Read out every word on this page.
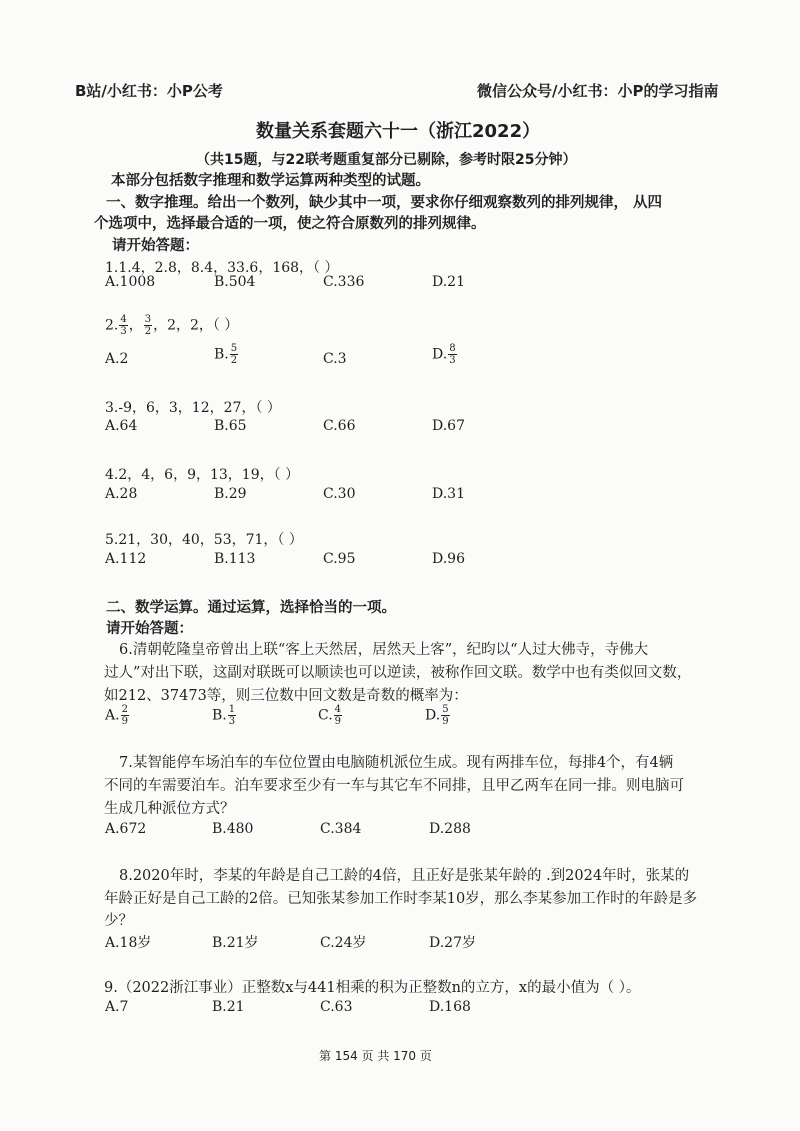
B站/小红书：小P公考	微信公众号/小红书：小P的学习指南
数量关系套题六十一（浙江2022）
（共15题，与22联考题重复部分已剔除，参考时限25分钟）
本部分包括数字推理和数学运算两种类型的试题。
一、数字推理。给出一个数列，缺少其中一项，要求你仔细观察数列的排列规律， 从四
个选项中，选择最合适的一项，使之符合原数列的排列规律。
请开始答题：
1.1.4，2.8，8.4，33.6，168，（ ）
A.1008	B.504	C.336	D.21
2. $\frac{4}{3}$ ， $\frac{3}{2}$ ，2，2，（ ）
A.2	B. $\frac{5}{2}$	C.3	D. $\frac{8}{3}$
3.-9，6，3，12，27，（ ）
A.64	B.65	C.66	D.67
4.2，4，6，9，13，19，（ ）
A.28	B.29	C.30	D.31
5.21，30，40，53，71，（ ）
A.112	B.113	C.95	D.96
二、数学运算。通过运算，选择恰当的一项。
请开始答题：
6.清朝乾隆皇帝曾出上联“客上天然居，居然天上客”，纪昀以“人过大佛寺，寺佛大
过人”对出下联，这副对联既可以顺读也可以逆读，被称作回文联。数学中也有类似回文数，
如212、37473等，则三位数中回文数是奇数的概率为：
A. $\frac{2}{9}$	B. $\frac{1}{3}$	C. $\frac{4}{9}$	D. $\frac{5}{9}$
7.某智能停车场泊车的车位位置由电脑随机派位生成。现有两排车位，每排4个，有4辆
不同的车需要泊车。泊车要求至少有一车与其它车不同排，且甲乙两车在同一排。则电脑可
生成几种派位方式？
A.672	B.480	C.384	D.288
8.2020年时，李某的年龄是自己工龄的4倍，且正好是张某年龄的 .到2024年时，张某的
年龄正好是自己工龄的2倍。已知张某参加工作时李某10岁，那么李某参加工作时的年龄是多
少？
A.18岁	B.21岁	C.24岁	D.27岁
9.（2022浙江事业）正整数x与441相乘的积为正整数n的立方，x的最小值为（ ）。
A.7	B.21	C.63	D.168
第 154 页 共 170 页
